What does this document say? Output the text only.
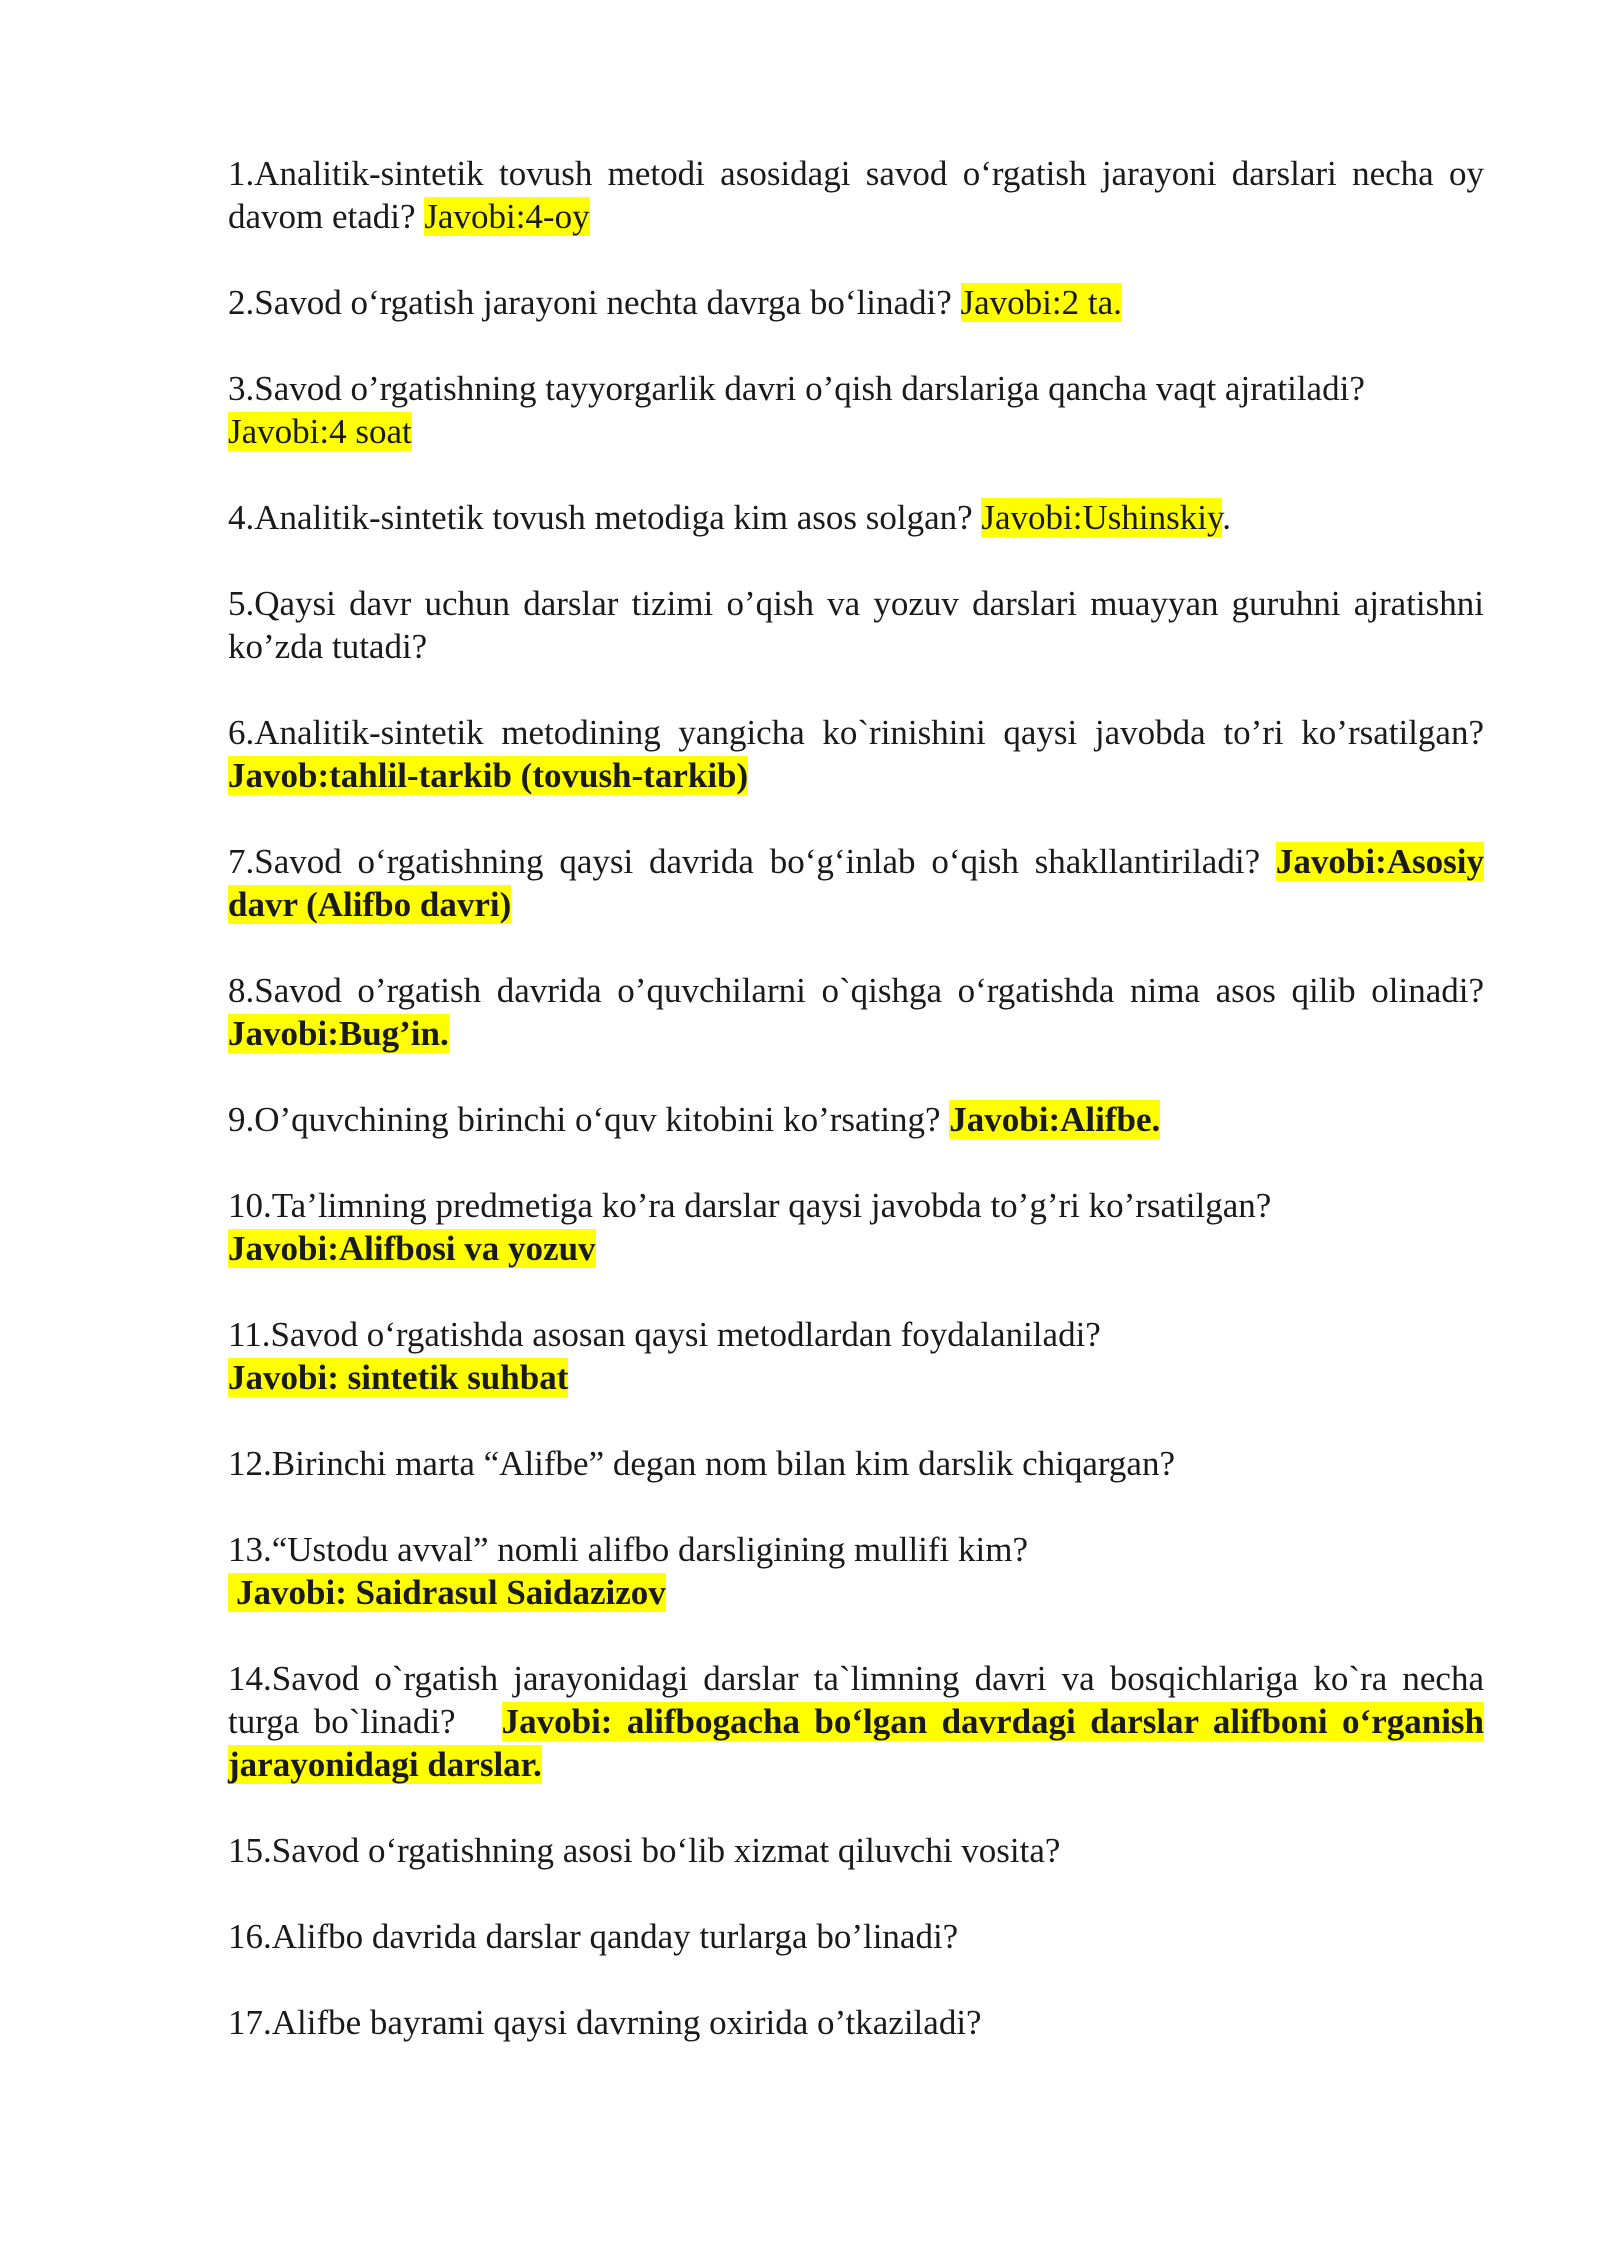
1.Analitik-sintetik tovush metodi asosidagi savod o‘rgatish jarayoni darslari necha oy davom etadi? Javobi:4-oy

2.Savod o‘rgatish jarayoni nechta davrga bo‘linadi? Javobi:2 ta.

3.Savod o’rgatishning tayyorgarlik davri o’qish darslariga qancha vaqt ajratiladi?
Javobi:4 soat

4.Analitik-sintetik tovush metodiga kim asos solgan? Javobi:Ushinskiy.

5.Qaysi davr uchun darslar tizimi o’qish va yozuv darslari muayyan guruhni ajratishni ko’zda tutadi?

6.Analitik-sintetik metodining yangicha ko`rinishini qaysi javobda to’ri ko’rsatilgan? Javob:tahlil-tarkib (tovush-tarkib)

7.Savod o‘rgatishning qaysi davrida bo‘g‘inlab o‘qish shakllantiriladi? Javobi:Asosiy davr (Alifbo davri)

8.Savod o’rgatish davrida o’quvchilarni o`qishga o‘rgatishda nima asos qilib olinadi?Javobi:Bug’in.

9.O’quvchining birinchi o‘quv kitobini ko’rsating? Javobi:Alifbe.

10.Ta’limning predmetiga ko’ra darslar qaysi javobda to’g’ri ko’rsatilgan?
Javobi:Alifbosi va yozuv

11.Savod o‘rgatishda asosan qaysi metodlardan foydalaniladi?
Javobi: sintetik suhbat

12.Birinchi marta “Alifbe” degan nom bilan kim darslik chiqargan?

13.“Ustodu avval” nomli alifbo darsligining mullifi kim?
Javobi: Saidrasul Saidazizov

14.Savod o`rgatish jarayonidagi darslar ta`limning davri va bosqichlariga ko`ra necha turga bo`linadi? Javobi: alifbogacha bo‘lgan davrdagi darslar alifboni o‘rganish jarayonidagi darslar.

15.Savod o‘rgatishning asosi bo‘lib xizmat qiluvchi vosita?

16.Alifbo davrida darslar qanday turlarga bo’linadi?

17.Alifbe bayrami qaysi davrning oxirida o’tkaziladi?
